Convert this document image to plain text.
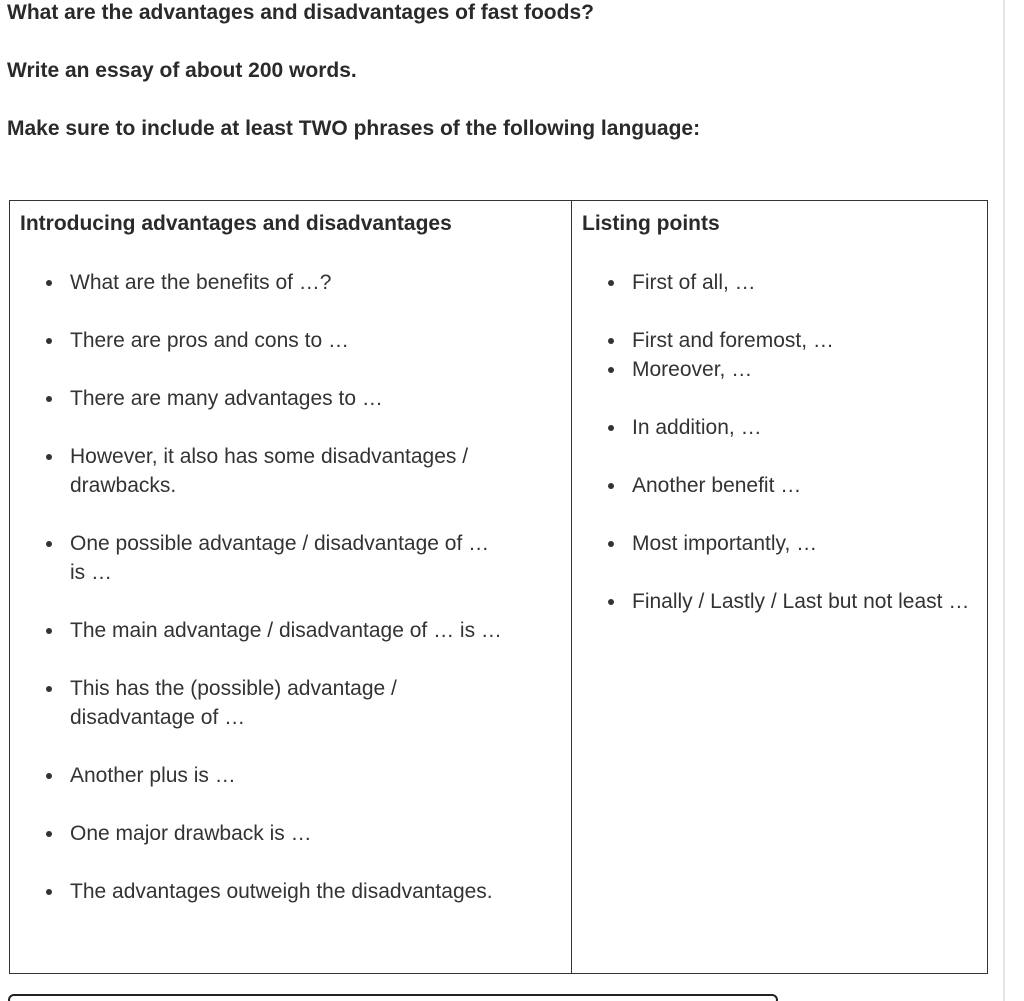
What are the advantages and disadvantages of fast foods?

Write an essay of about 200 words.

Make sure to include at least TWO phrases of the following language:

Introducing advantages and disadvantages
What are the benefits of …?
There are pros and cons to …
There are many advantages to …
However, it also has some disadvantages / drawbacks.
One possible advantage / disadvantage of … is …
The main advantage / disadvantage of … is …
This has the (possible) advantage / disadvantage of …
Another plus is …
One major drawback is …
The advantages outweigh the disadvantages.

Listing points
First of all, …
First and foremost, …
Moreover, …
In addition, …
Another benefit …
Most importantly, …
Finally / Lastly / Last but not least …
